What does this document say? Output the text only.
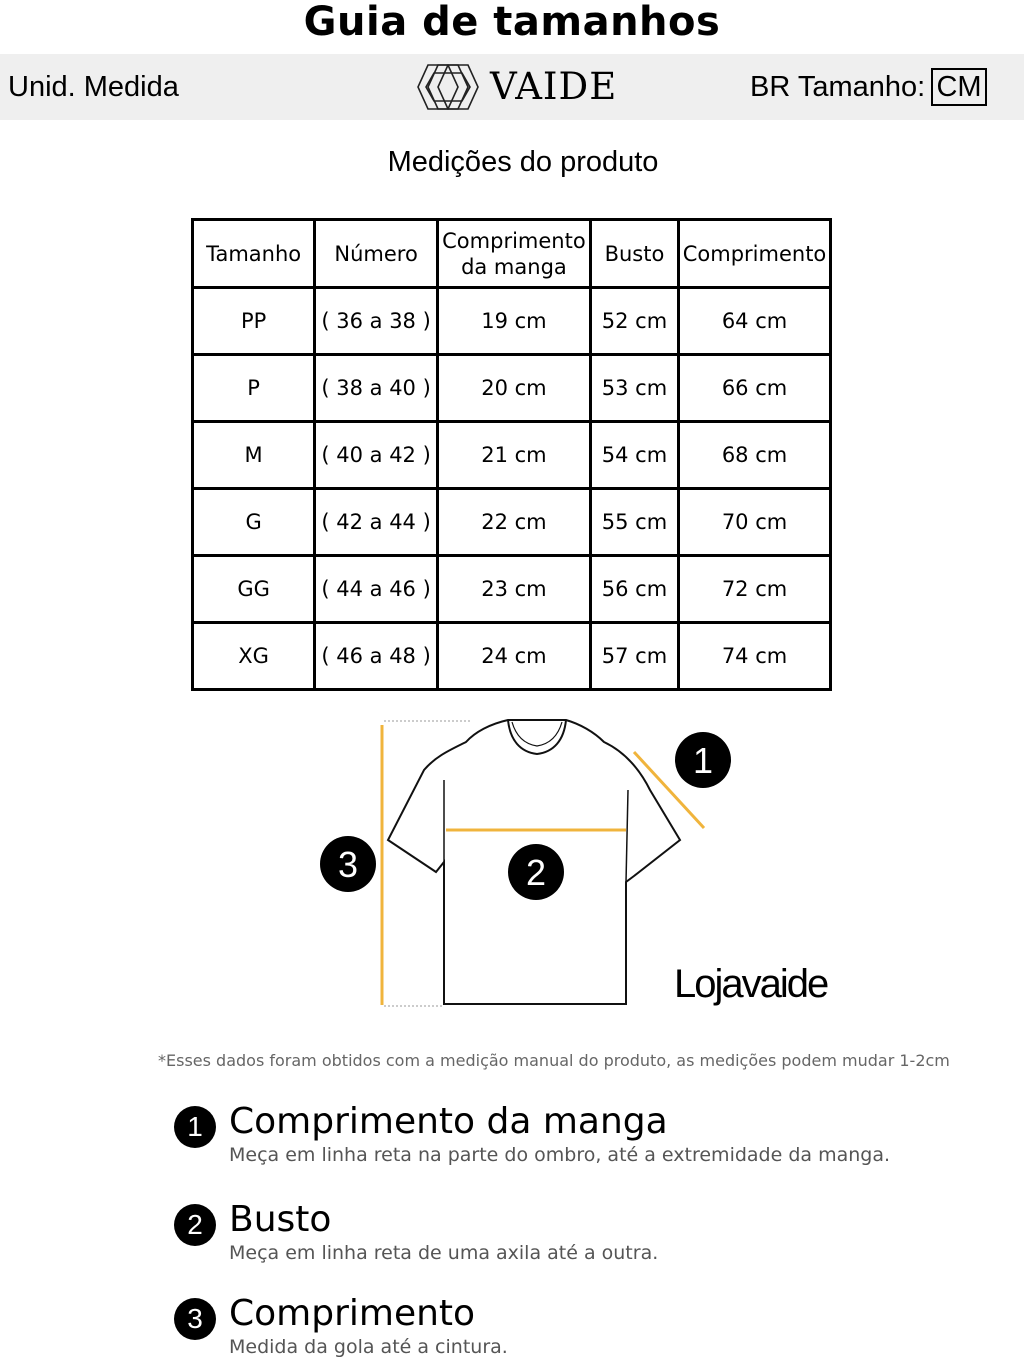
Guia de tamanhos
Unid. Medida	VAIDE	BR Tamanho: CM
Medições do produto
Tamanho	Número	Comprimento da manga	Busto	Comprimento
PP	( 36 a 38 )	19 cm	52 cm	64 cm
P	( 38 a 40 )	20 cm	53 cm	66 cm
M	( 40 a 42 )	21 cm	54 cm	68 cm
G	( 42 a 44 )	22 cm	55 cm	70 cm
GG	( 44 a 46 )	23 cm	56 cm	72 cm
XG	( 46 a 48 )	24 cm	57 cm	74 cm
1
2
3
Lojavaide
*Esses dados foram obtidos com a medição manual do produto, as medições podem mudar 1-2cm
1 Comprimento da manga
Meça em linha reta na parte do ombro, até a extremidade da manga.
2 Busto
Meça em linha reta de uma axila até a outra.
3 Comprimento
Medida da gola até a cintura.
